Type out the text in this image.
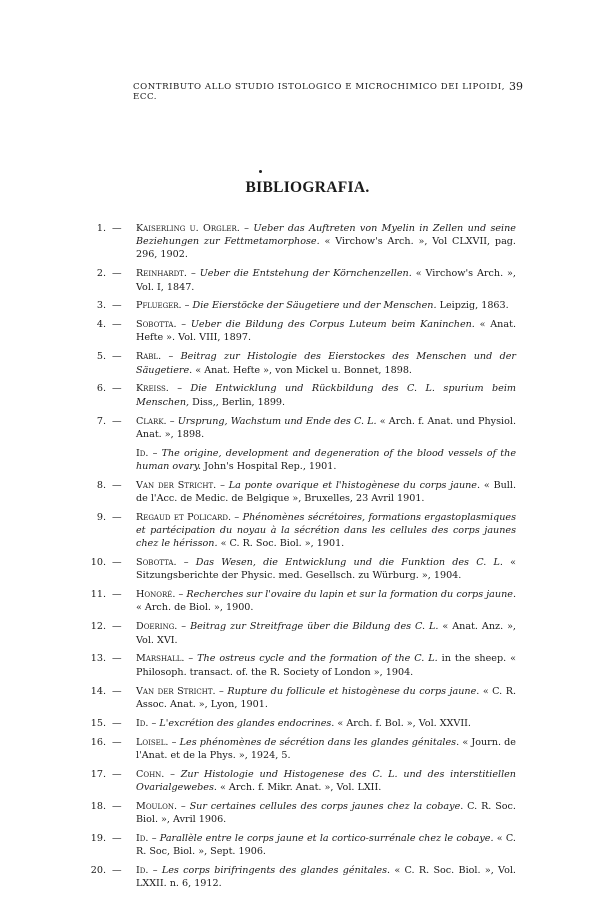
CONTRIBUTO ALLO STUDIO ISTOLOGICO E MICROCHIMICO DEI LIPOIDI, ECC.
39
BIBLIOGRAFIA.
1. — Kaiserling u. Orgler. – Ueber das Auftreten von Myelin in Zellen und seine Beziehungen zur Fettmetamorphose. « Virchow's Arch. », Vol CLXVII, pag. 296, 1902.
2. — Reinhardt. – Ueber die Entstehung der Körnchenzellen. « Virchow's Arch. », Vol. I, 1847.
3. — Pflueger. – Die Eierstöcke der Säugetiere und der Menschen. Leipzig, 1863.
4. — Sobotta. – Ueber die Bildung des Corpus Luteum beim Kaninchen. « Anat. Hefte ». Vol. VIII, 1897.
5. — Rabl. – Beitrag zur Histologie des Eierstockes des Menschen und der Säugetiere. « Anat. Hefte », von Mickel u. Bonnet, 1898.
6. — Kreiss. – Die Entwicklung und Rückbildung des C. L. spurium beim Menschen, Diss,, Berlin, 1899.
7. — Clark. – Ursprung, Wachstum und Ende des C. L. « Arch. f. Anat. und Physiol. Anat. », 1898.
Id. – The origine, development and degeneration of the blood vessels of the human ovary. John's Hospital Rep., 1901.
8. — Van der Stricht. – La ponte ovarique et l'histogènese du corps jaune. « Bull. de l'Acc. de Medic. de Belgique », Bruxelles, 23 Avril 1901.
9. — Regaud et Policard. – Phénomènes sécrétoires, formations ergastoplasmiques et partécipation du noyau à la sécrétion dans les cellules des corps jaunes chez le hérisson. « C. R. Soc. Biol. », 1901.
10. — Sobotta. – Das Wesen, die Entwicklung und die Funktion des C. L. « Sitzungsberichte der Physic. med. Gesellsch. zu Würburg. », 1904.
11. — Honoré. – Recherches sur l'ovaire du lapin et sur la formation du corps jaune. « Arch. de Biol. », 1900.
12. — Doering. – Beitrag zur Streitfrage über die Bildung des C. L. « Anat. Anz. », Vol. XVI.
13. — Marshall. – The ostreus cycle and the formation of the C. L. in the sheep. « Philosoph. transact. of. the R. Society of London », 1904.
14. — Van der Stricht. – Rupture du follicule et histogènese du corps jaune. « C. R. Assoc. Anat. », Lyon, 1901.
15. — Id. – L'excrétion des glandes endocrines. « Arch. f. Bol. », Vol. XXVII.
16. — Loisel. – Les phénomènes de sécrétion dans les glandes génitales. « Journ. de l'Anat. et de la Phys. », 1924, 5.
17. — Cohn. – Zur Histologie und Histogenese des C. L. und des interstitiellen Ovarialgewebes. « Arch. f. Mikr. Anat. », Vol. LXII.
18. — Moulon. – Sur certaines cellules des corps jaunes chez la cobaye. C. R. Soc. Biol. », Avril 1906.
19. — Id. – Parallèle entre le corps jaune et la cortico-surrénale chez le cobaye. « C. R. Soc, Biol. », Sept. 1906.
20. — Id. – Les corps birifringents des glandes génitales. « C. R. Soc. Biol. », Vol. LXXII. n. 6, 1912.
